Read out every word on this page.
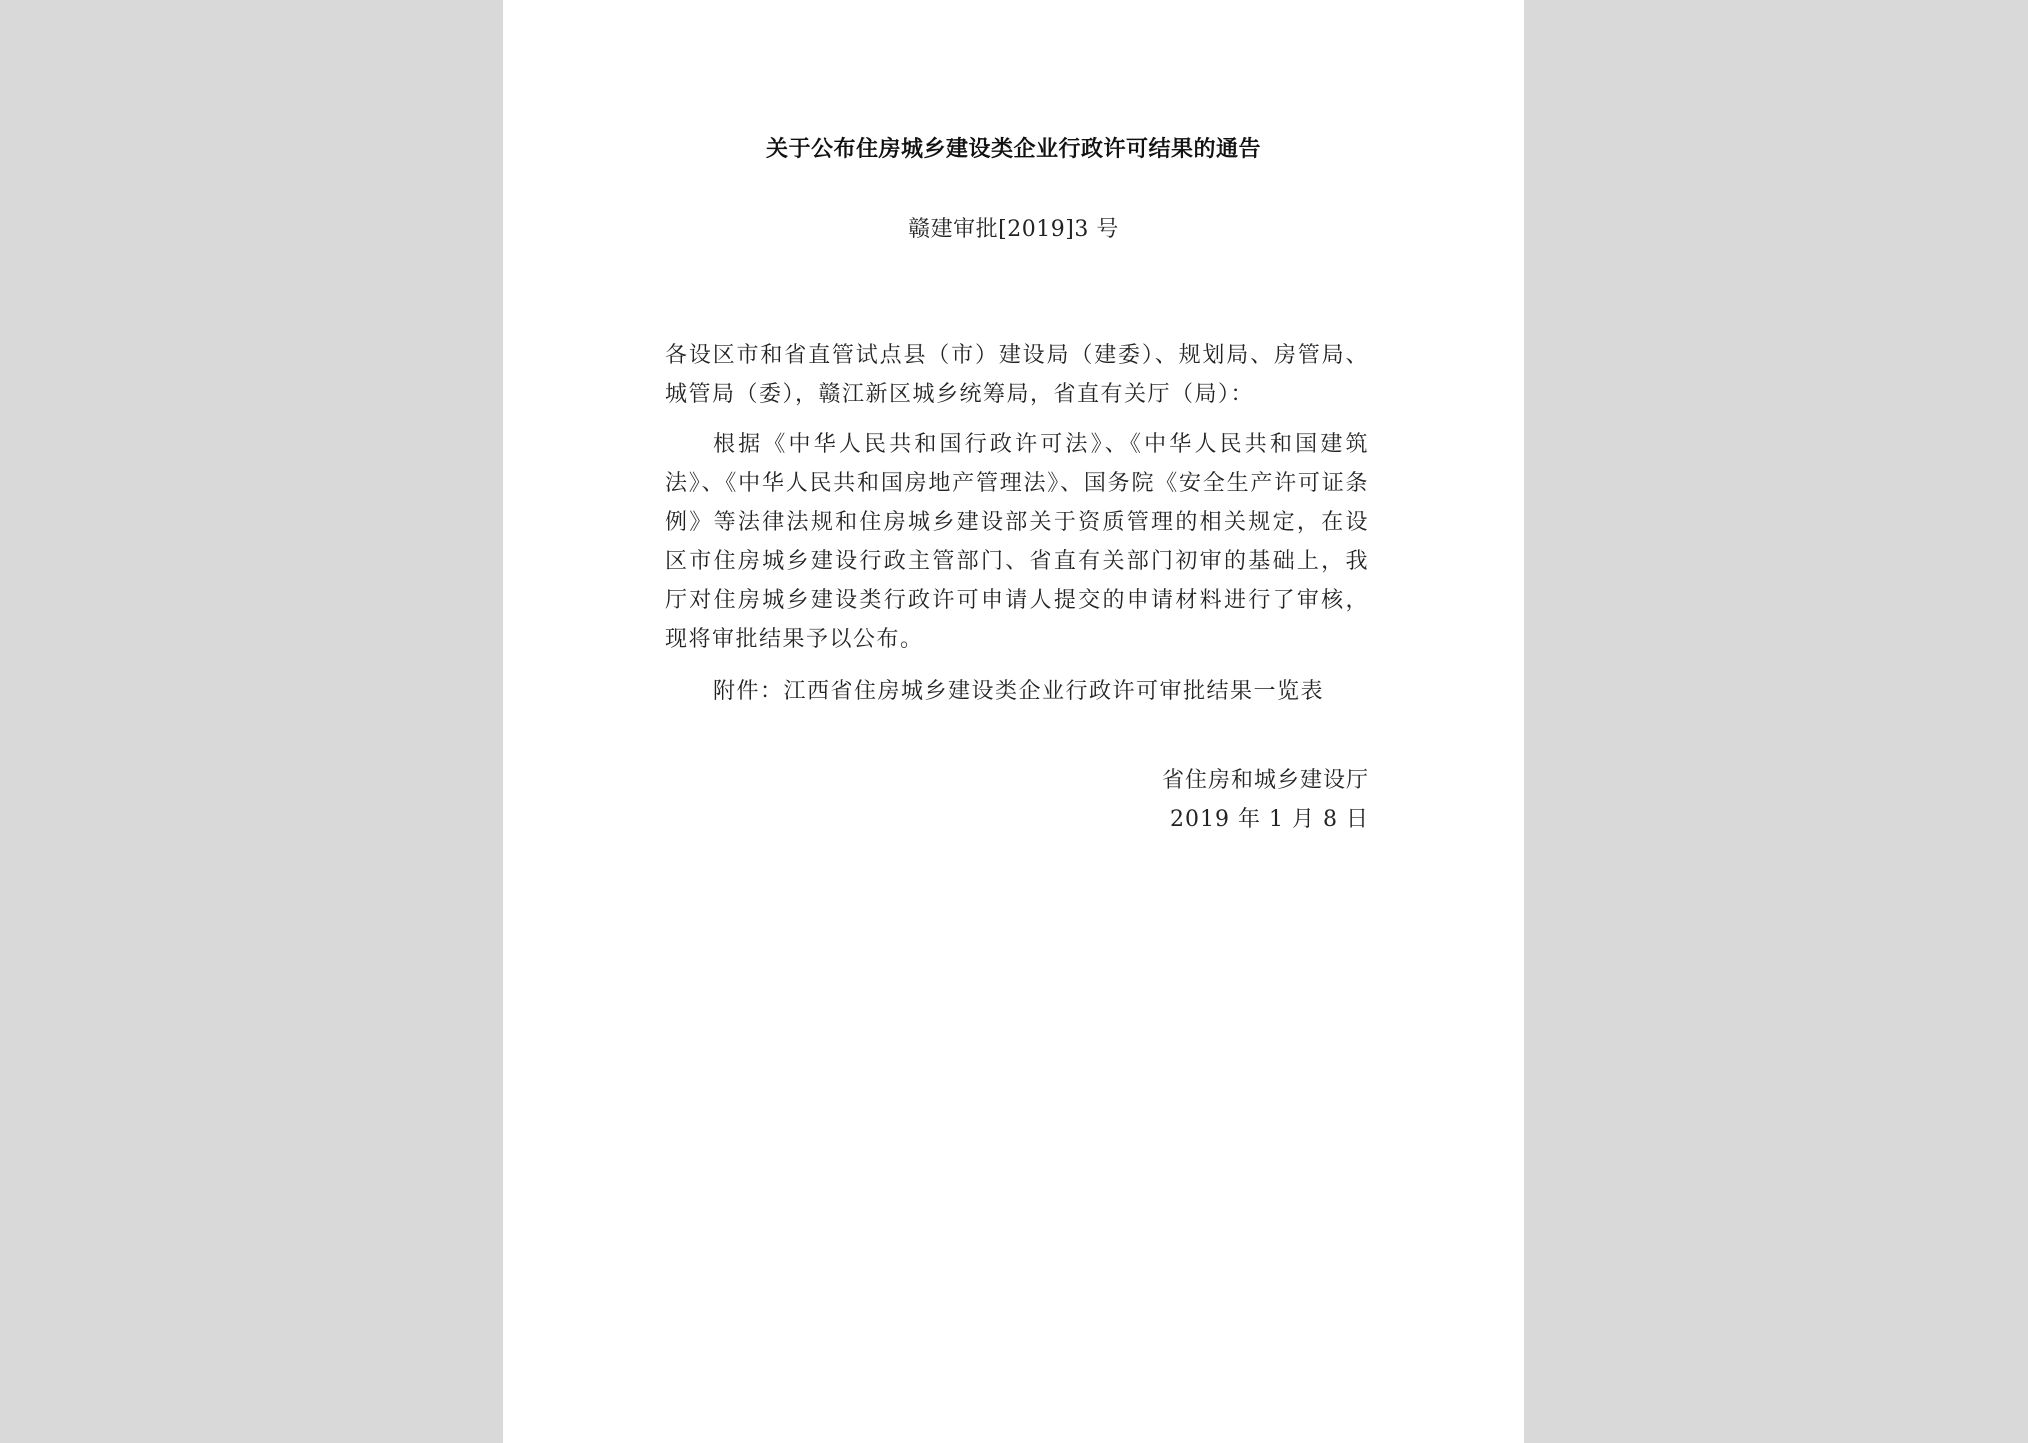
关于公布住房城乡建设类企业行政许可结果的通告
赣建审批[2019]3 号
各设区市和省直管试点县（市）建设局（建委）、规划局、房管局、城管局（委），赣江新区城乡统筹局，省直有关厅（局）：
根据《中华人民共和国行政许可法》、《中华人民共和国建筑法》、《中华人民共和国房地产管理法》、国务院《安全生产许可证条例》等法律法规和住房城乡建设部关于资质管理的相关规定，在设区市住房城乡建设行政主管部门、省直有关部门初审的基础上，我厅对住房城乡建设类行政许可申请人提交的申请材料进行了审核，现将审批结果予以公布。
附件：江西省住房城乡建设类企业行政许可审批结果一览表
省住房和城乡建设厅
2019 年 1 月 8 日
